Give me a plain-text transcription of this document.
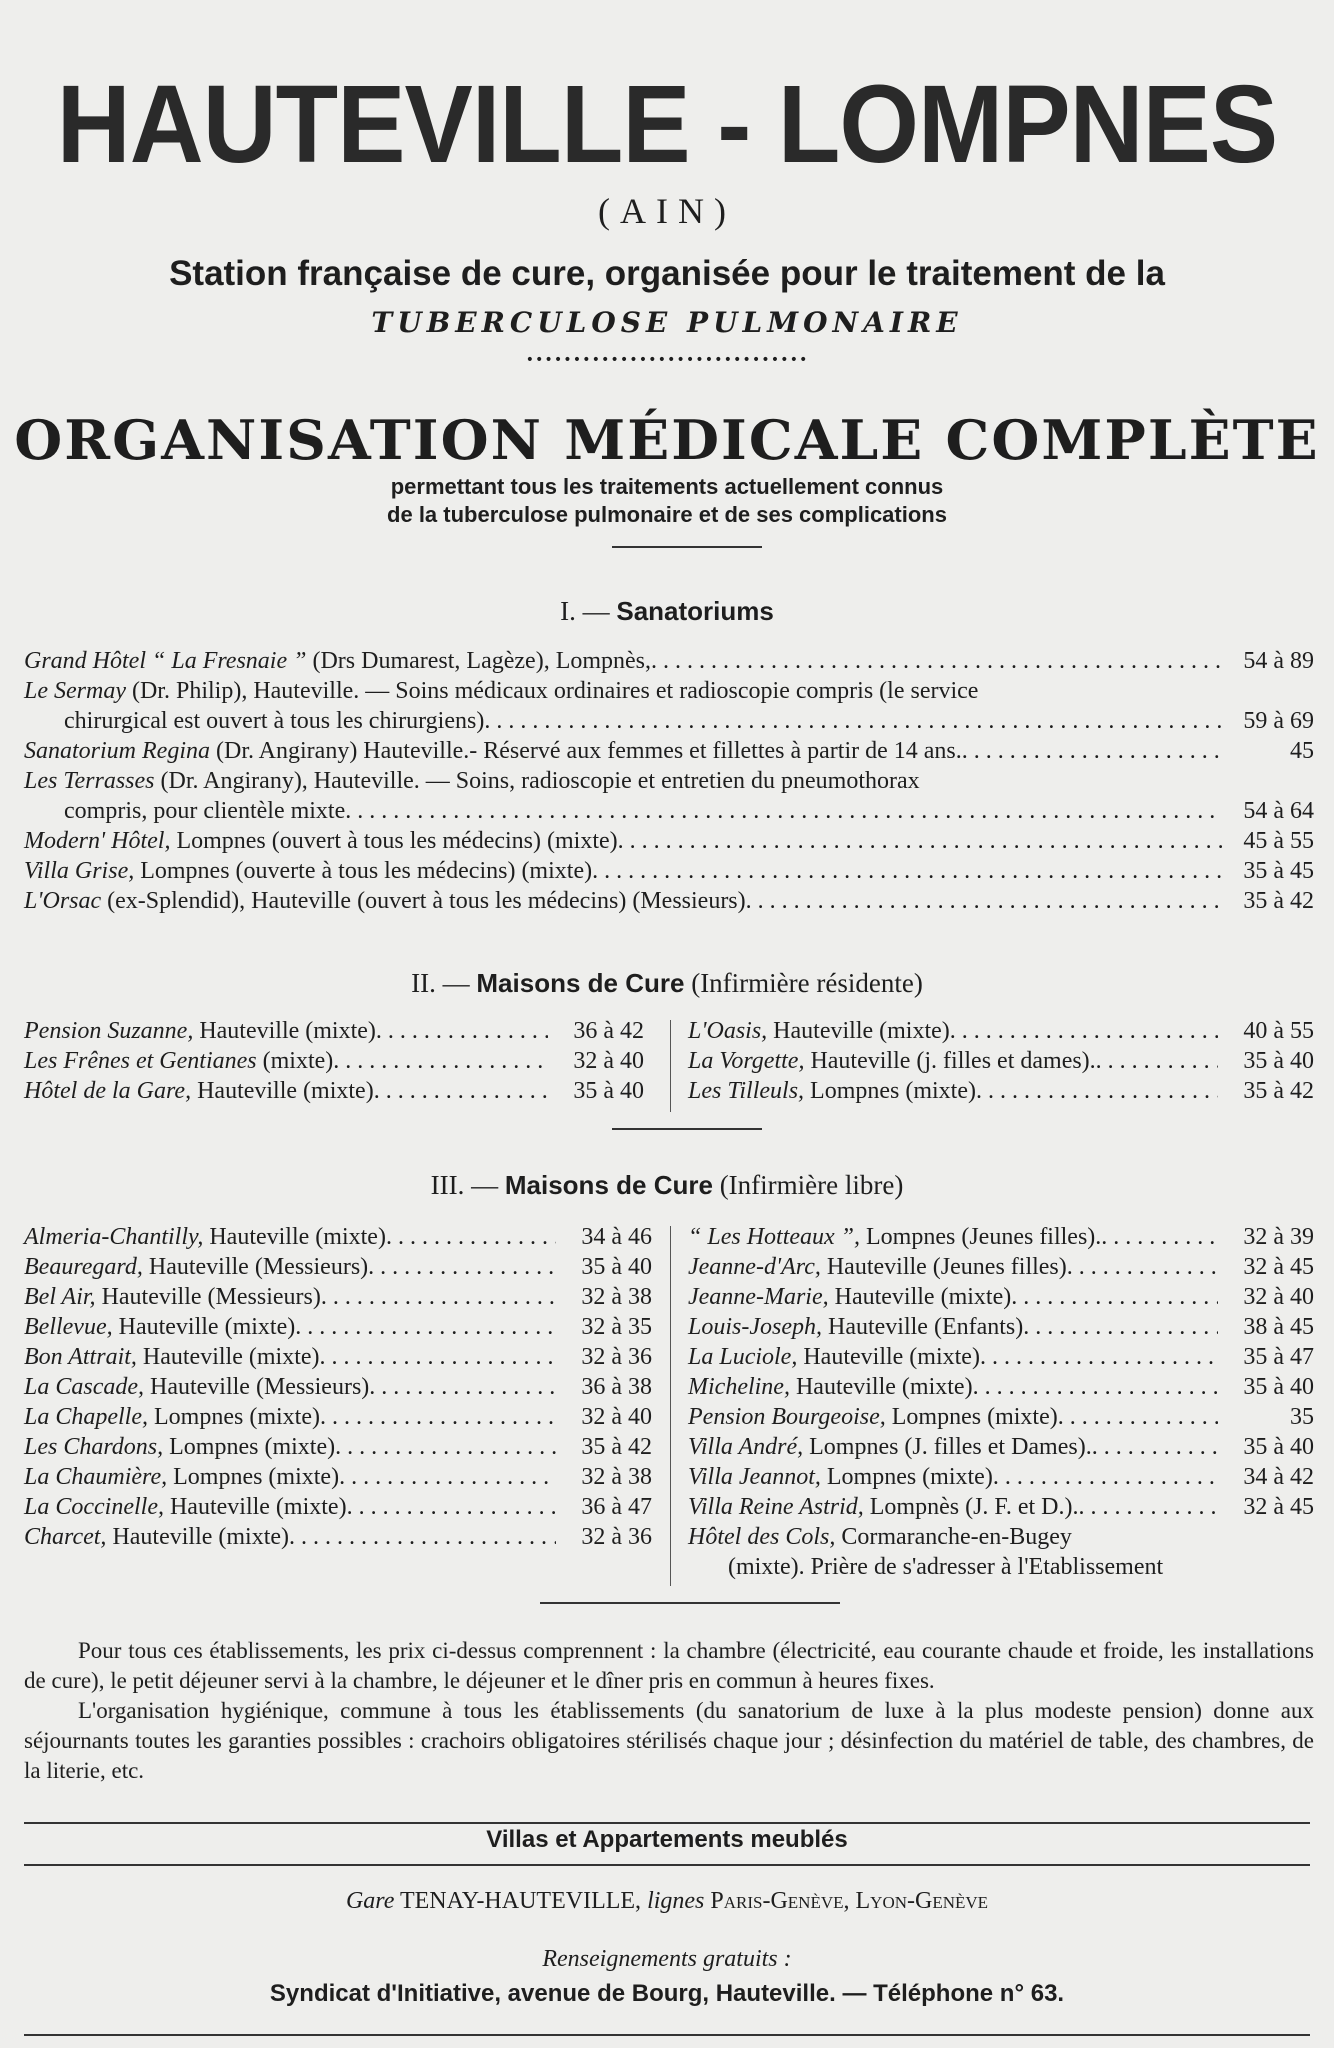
HAUTEVILLE - LOMPNES
(AIN)
Station française de cure, organisée pour le traitement de la
TUBERCULOSE PULMONAIRE
••••••••••••••••••••••••••••••
ORGANISATION MÉDICALE COMPLÈTE
permettant tous les traitements actuellement connus
de la tuberculose pulmonaire et de ses complications
I. — Sanatoriums
Grand Hôtel “ La Fresnaie ” (Drs Dumarest, Lagèze), Lompnès, . . .	54 à 89
Le Sermay (Dr. Philip), Hauteville. — Soins médicaux ordinaires et radioscopie compris (le service
chirurgical est ouvert à tous les chirurgiens) . . .	59 à 69
Sanatorium Regina (Dr. Angirany) Hauteville.- Réservé aux femmes et fillettes à partir de 14 ans. . . .	45
Les Terrasses (Dr. Angirany), Hauteville. — Soins, radioscopie et entretien du pneumothorax
compris, pour clientèle mixte . . .	54 à 64
Modern' Hôtel, Lompnes (ouvert à tous les médecins) (mixte) . . .	45 à 55
Villa Grise, Lompnes (ouverte à tous les médecins) (mixte) . . .	35 à 45
L'Orsac (ex-Splendid), Hauteville (ouvert à tous les médecins) (Messieurs) . . .	35 à 42
II. — Maisons de Cure (Infirmière résidente)
Pension Suzanne, Hauteville (mixte) . . .	36 à 42
Les Frênes et Gentianes (mixte) . . .	32 à 40
Hôtel de la Gare, Hauteville (mixte) . . .	35 à 40
L'Oasis, Hauteville (mixte) . . .	40 à 55
La Vorgette, Hauteville (j. filles et dames). . . .	35 à 40
Les Tilleuls, Lompnes (mixte) . . .	35 à 42
III. — Maisons de Cure (Infirmière libre)
Almeria-Chantilly, Hauteville (mixte) . . .	34 à 46
Beauregard, Hauteville (Messieurs) . . .	35 à 40
Bel Air, Hauteville (Messieurs) . . .	32 à 38
Bellevue, Hauteville (mixte) . . .	32 à 35
Bon Attrait, Hauteville (mixte) . . .	32 à 36
La Cascade, Hauteville (Messieurs) . . .	36 à 38
La Chapelle, Lompnes (mixte) . . .	32 à 40
Les Chardons, Lompnes (mixte) . . .	35 à 42
La Chaumière, Lompnes (mixte) . . .	32 à 38
La Coccinelle, Hauteville (mixte) . . .	36 à 47
Charcet, Hauteville (mixte) . . .	32 à 36
“ Les Hotteaux ”, Lompnes (Jeunes filles). . . .	32 à 39
Jeanne-d'Arc, Hauteville (Jeunes filles) . . .	32 à 45
Jeanne-Marie, Hauteville (mixte) . . .	32 à 40
Louis-Joseph, Hauteville (Enfants) . . .	38 à 45
La Luciole, Hauteville (mixte) . . .	35 à 47
Micheline, Hauteville (mixte) . . .	35 à 40
Pension Bourgeoise, Lompnes (mixte) . . .	35
Villa André, Lompnes (J. filles et Dames). . . .	35 à 40
Villa Jeannot, Lompnes (mixte) . . .	34 à 42
Villa Reine Astrid, Lompnès (J. F. et D.). . . .	32 à 45
Hôtel des Cols, Cormaranche-en-Bugey
(mixte). Prière de s'adresser à l'Etablissement

Pour tous ces établissements, les prix ci-dessus comprennent : la chambre (électricité, eau courante chaude et froide, les installations de cure), le petit déjeuner servi à la chambre, le déjeuner et le dîner pris en commun à heures fixes.

L'organisation hygiénique, commune à tous les établissements (du sanatorium de luxe à la plus modeste pension) donne aux séjournants toutes les garanties possibles : crachoirs obligatoires stérilisés chaque jour ; désinfection du matériel de table, des chambres, de la literie, etc.

Villas et Appartements meublés
Gare TENAY-HAUTEVILLE, lignes Paris-Genève, Lyon-Genève
Renseignements gratuits :
Syndicat d'Initiative, avenue de Bourg, Hauteville. — Téléphone n° 63.
